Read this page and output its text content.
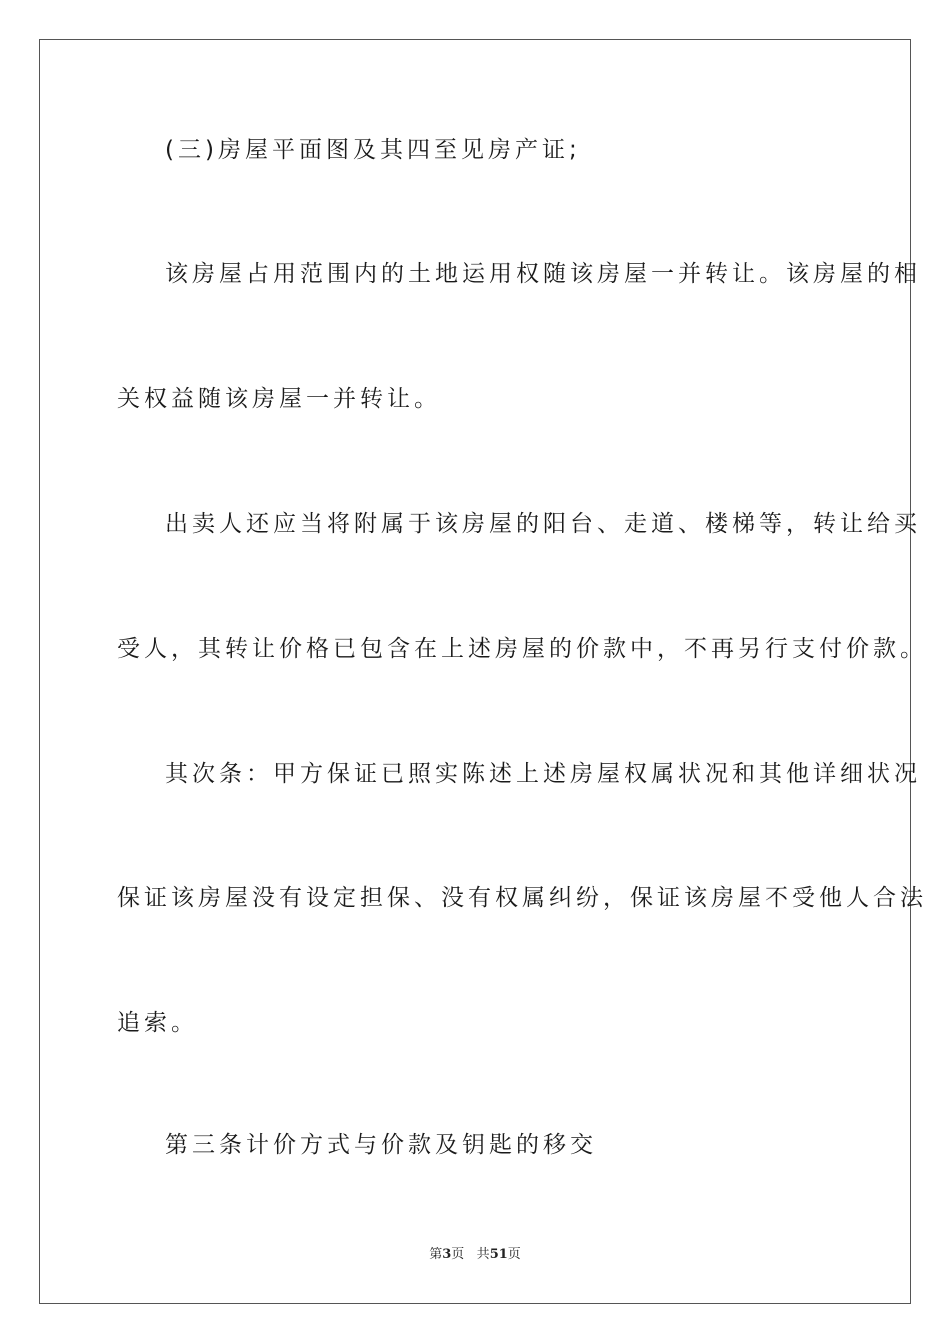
(三)房屋平面图及其四至见房产证;
该房屋占用范围内的土地运用权随该房屋一并转让。该房屋的相
关权益随该房屋一并转让。
出卖人还应当将附属于该房屋的阳台、走道、楼梯等，转让给买
受人，其转让价格已包含在上述房屋的价款中，不再另行支付价款。
其次条：甲方保证已照实陈述上述房屋权属状况和其他详细状况
保证该房屋没有设定担保、没有权属纠纷，保证该房屋不受他人合法
追索。
第三条计价方式与价款及钥匙的移交
第3页 共51页
